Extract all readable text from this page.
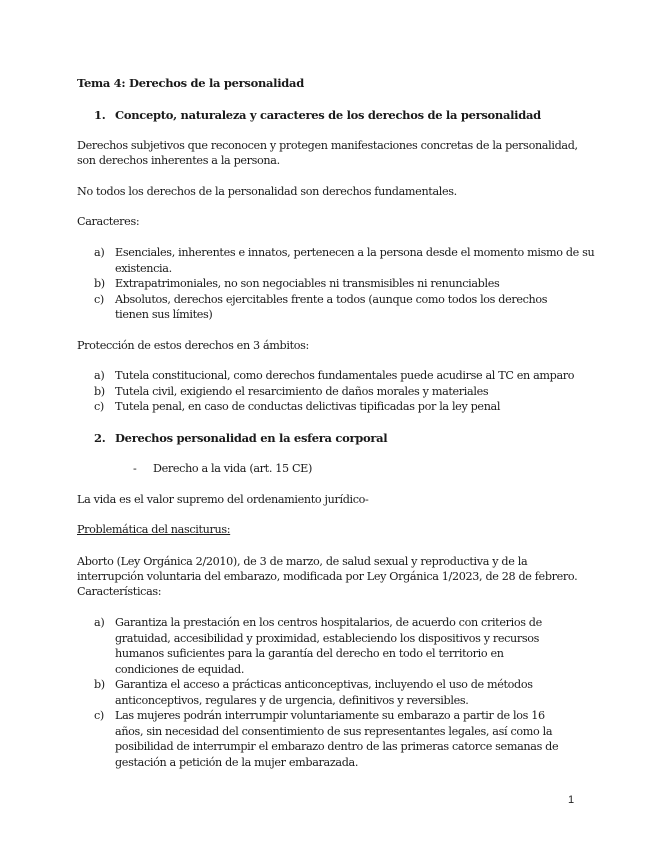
Tema 4: Derechos de la personalidad
1. Concepto, naturaleza y caracteres de los derechos de la personalidad
Derechos subjetivos que reconocen y protegen manifestaciones concretas de la personalidad,
son derechos inherentes a la persona.
No todos los derechos de la personalidad son derechos fundamentales.
Caracteres:
a) Esenciales, inherentes e innatos, pertenecen a la persona desde el momento mismo de su existencia.
b) Extrapatrimoniales, no son negociables ni transmisibles ni renunciables
c) Absolutos, derechos ejercitables frente a todos (aunque como todos los derechos tienen sus límites)
Protección de estos derechos en 3 ámbitos:
a) Tutela constitucional, como derechos fundamentales puede acudirse al TC en amparo
b) Tutela civil, exigiendo el resarcimiento de daños morales y materiales
c) Tutela penal, en caso de conductas delictivas tipificadas por la ley penal
2. Derechos personalidad en la esfera corporal
- Derecho a la vida (art. 15 CE)
La vida es el valor supremo del ordenamiento jurídico-
Problemática del nasciturus:
Aborto (Ley Orgánica 2/2010), de 3 de marzo, de salud sexual y reproductiva y de la
interrupción voluntaria del embarazo, modificada por Ley Orgánica 1/2023, de 28 de febrero.
Características:
a) Garantiza la prestación en los centros hospitalarios, de acuerdo con criterios de gratuidad, accesibilidad y proximidad, estableciendo los dispositivos y recursos humanos suficientes para la garantía del derecho en todo el territorio en condiciones de equidad.
b) Garantiza el acceso a prácticas anticonceptivas, incluyendo el uso de métodos anticonceptivos, regulares y de urgencia, definitivos y reversibles.
c) Las mujeres podrán interrumpir voluntariamente su embarazo a partir de los 16 años, sin necesidad del consentimiento de sus representantes legales, así como la posibilidad de interrumpir el embarazo dentro de las primeras catorce semanas de gestación a petición de la mujer embarazada.
1
